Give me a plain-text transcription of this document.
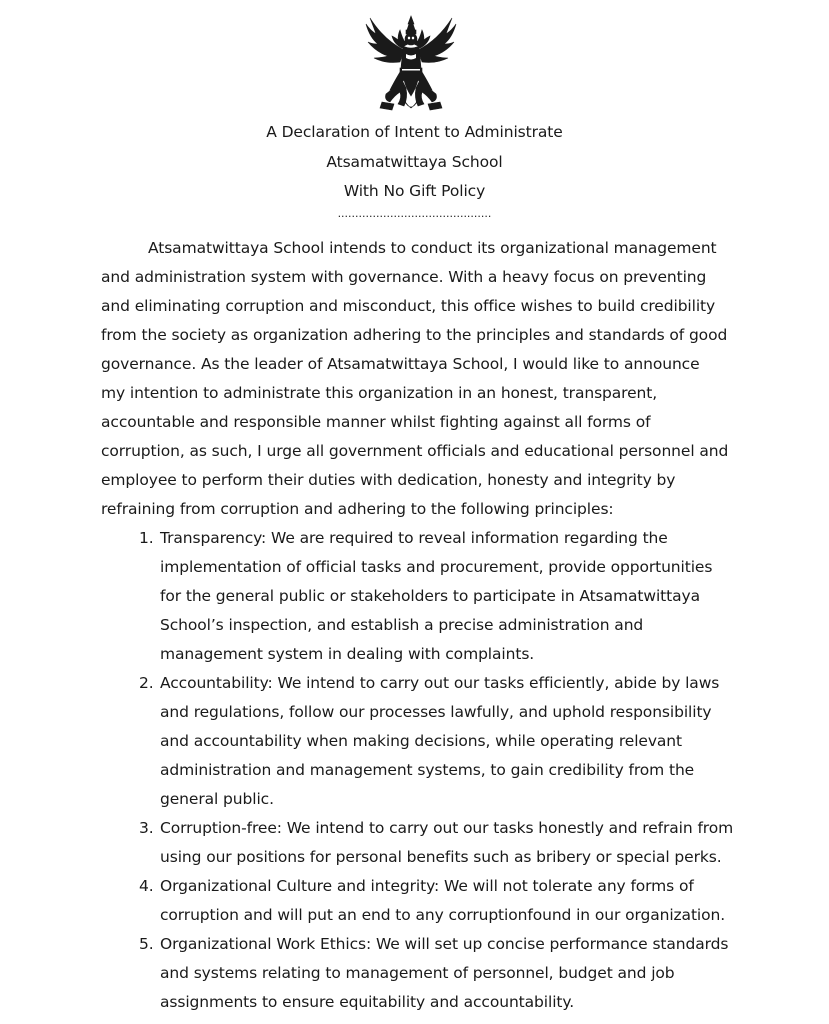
A Declaration of Intent to Administrate
Atsamatwittaya School
With No Gift Policy
............................................
Atsamatwittaya School intends to conduct its organizational management
and administration system with governance. With a heavy focus on preventing
and eliminating corruption and misconduct, this office wishes to build credibility
from the society as organization adhering to the principles and standards of good
governance. As the leader of Atsamatwittaya School, I would like to announce
my intention to administrate this organization in an honest, transparent,
accountable and responsible manner whilst fighting against all forms of
corruption, as such, I urge all government officials and educational personnel and
employee to perform their duties with dedication, honesty and integrity by
refraining from corruption and adhering to the following principles:
1. Transparency: We are required to reveal information regarding the
implementation of official tasks and procurement, provide opportunities
for the general public or stakeholders to participate in Atsamatwittaya
School’s inspection, and establish a precise administration and
management system in dealing with complaints.
2. Accountability: We intend to carry out our tasks efficiently, abide by laws
and regulations, follow our processes lawfully, and uphold responsibility
and accountability when making decisions, while operating relevant
administration and management systems, to gain credibility from the
general public.
3. Corruption-free: We intend to carry out our tasks honestly and refrain from
using our positions for personal benefits such as bribery or special perks.
4. Organizational Culture and integrity: We will not tolerate any forms of
corruption and will put an end to any corruptionfound in our organization.
5. Organizational Work Ethics: We will set up concise performance standards
and systems relating to management of personnel, budget and job
assignments to ensure equitability and accountability.
